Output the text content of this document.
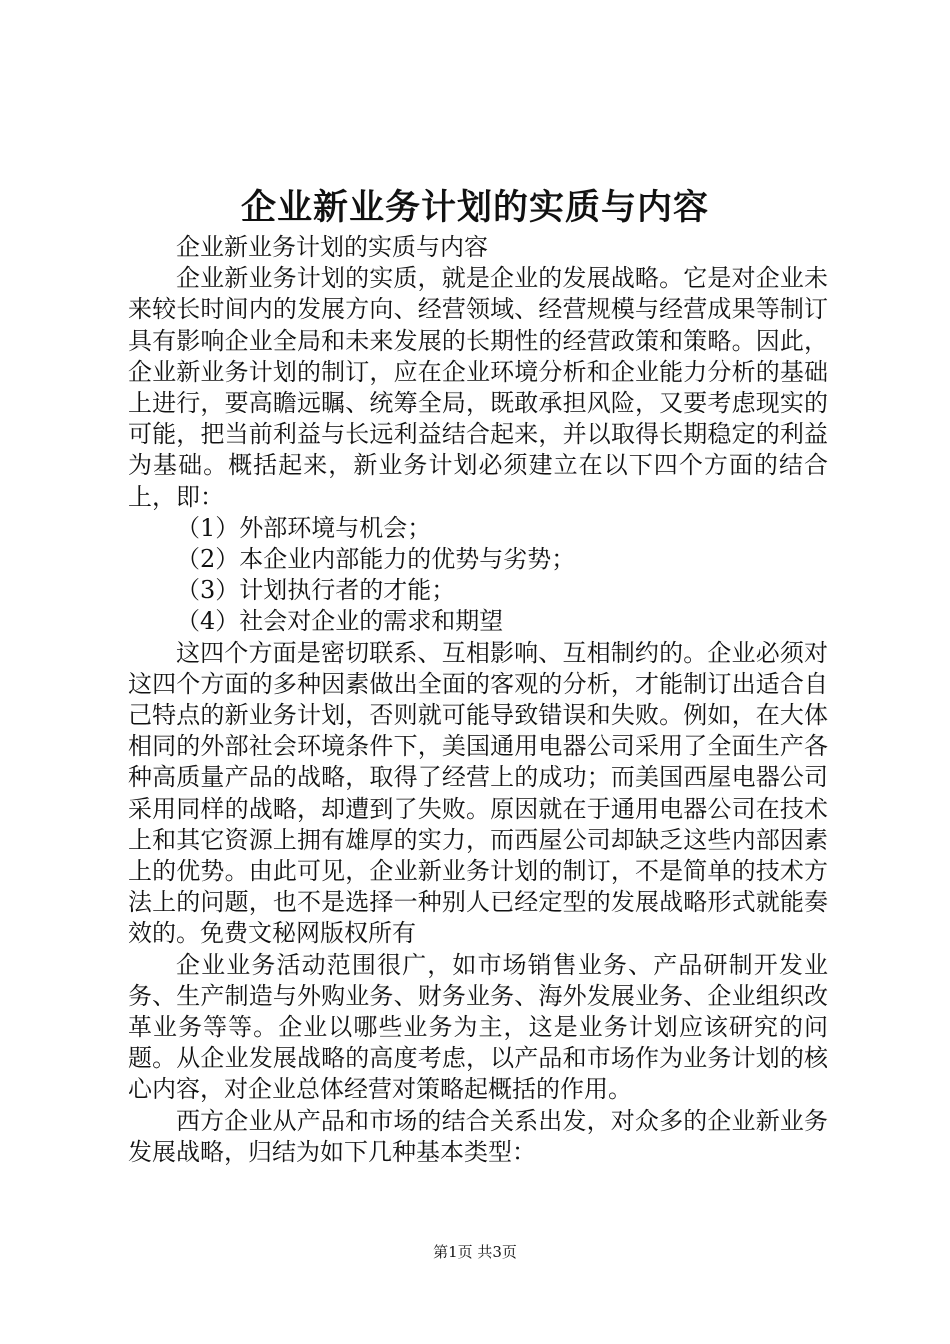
企业新业务计划的实质与内容

企业新业务计划的实质与内容

企业新业务计划的实质，就是企业的发展战略。它是对企业未来较长时间内的发展方向、经营领域、经营规模与经营成果等制订具有影响企业全局和未来发展的长期性的经营政策和策略。因此，企业新业务计划的制订，应在企业环境分析和企业能力分析的基础上进行，要高瞻远瞩、统筹全局，既敢承担风险，又要考虑现实的可能，把当前利益与长远利益结合起来，并以取得长期稳定的利益为基础。概括起来，新业务计划必须建立在以下四个方面的结合上，即：

（1）外部环境与机会；

（2）本企业内部能力的优势与劣势；

（3）计划执行者的才能；

（4）社会对企业的需求和期望

这四个方面是密切联系、互相影响、互相制约的。企业必须对这四个方面的多种因素做出全面的客观的分析，才能制订出适合自己特点的新业务计划，否则就可能导致错误和失败。例如，在大体相同的外部社会环境条件下，美国通用电器公司采用了全面生产各种高质量产品的战略，取得了经营上的成功；而美国西屋电器公司采用同样的战略，却遭到了失败。原因就在于通用电器公司在技术上和其它资源上拥有雄厚的实力，而西屋公司却缺乏这些内部因素上的优势。由此可见，企业新业务计划的制订，不是简单的技术方法上的问题，也不是选择一种别人已经定型的发展战略形式就能奏效的。免费文秘网版权所有

企业业务活动范围很广，如市场销售业务、产品研制开发业务、生产制造与外购业务、财务业务、海外发展业务、企业组织改革业务等等。企业以哪些业务为主，这是业务计划应该研究的问题。从企业发展战略的高度考虑，以产品和市场作为业务计划的核心内容，对企业总体经营对策略起概括的作用。

西方企业从产品和市场的结合关系出发，对众多的企业新业务发展战略，归结为如下几种基本类型：

第1页 共3页
